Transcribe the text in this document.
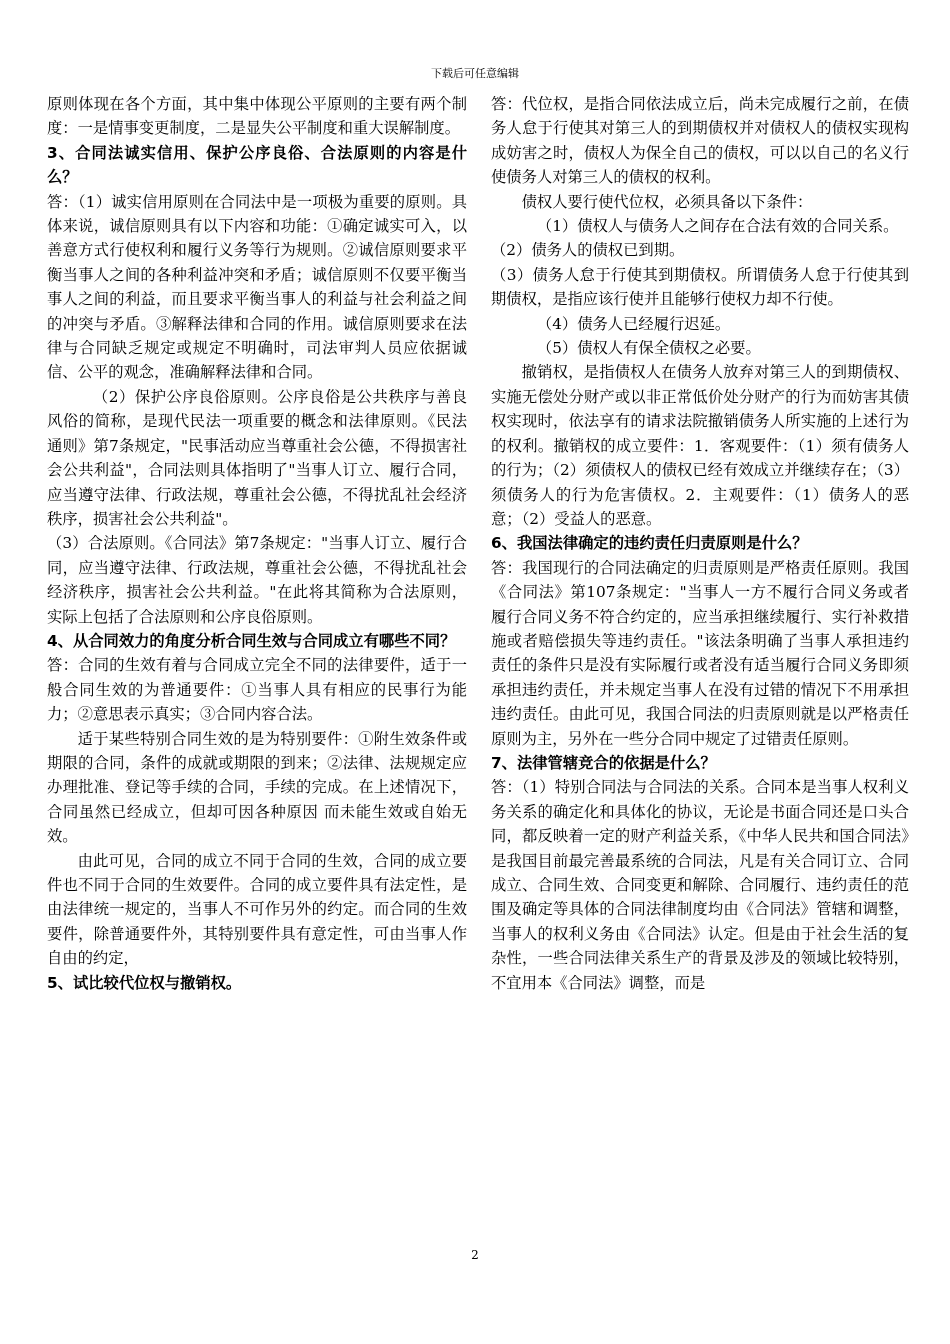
下载后可任意编辑

原则体现在各个方面，其中集中体现公平原则的主要有两个制度：一是情事变更制度，二是显失公平制度和重大误解制度。

3、合同法诚实信用、保护公序良俗、合法原则的内容是什么？

答：（1）诚实信用原则在合同法中是一项极为重要的原则。具体来说，诚信原则具有以下内容和功能：①确定诚实可入，以善意方式行使权利和履行义务等行为规则。②诚信原则要求平衡当事人之间的各种利益冲突和矛盾；诚信原则不仅要平衡当事人之间的利益，而且要求平衡当事人的利益与社会利益之间的冲突与矛盾。③解释法律和合同的作用。诚信原则要求在法律与合同缺乏规定或规定不明确时，司法审判人员应依据诚信、公平的观念，准确解释法律和合同。

（2）保护公序良俗原则。公序良俗是公共秩序与善良风俗的简称，是现代民法一项重要的概念和法律原则。《民法通则》第7条规定，"民事活动应当尊重社会公德，不得损害社会公共利益"，合同法则具体指明了"当事人订立、履行合同，应当遵守法律、行政法规，尊重社会公德，不得扰乱社会经济秩序，损害社会公共利益"。

（3）合法原则。《合同法》第7条规定："当事人订立、履行合同，应当遵守法律、行政法规，尊重社会公德，不得扰乱社会经济秩序，损害社会公共利益。"在此将其简称为合法原则，实际上包括了合法原则和公序良俗原则。

4、从合同效力的角度分析合同生效与合同成立有哪些不同？

答：合同的生效有着与合同成立完全不同的法律要件，适于一般合同生效的为普通要件：①当事人具有相应的民事行为能力；②意思表示真实；③合同内容合法。

适于某些特别合同生效的是为特别要件：①附生效条件或期限的合同，条件的成就或期限的到来；②法律、法规规定应办理批准、登记等手续的合同，手续的完成。在上述情况下，合同虽然已经成立，但却可因各种原因 而未能生效或自始无效。

由此可见，合同的成立不同于合同的生效，合同的成立要件也不同于合同的生效要件。合同的成立要件具有法定性，是由法律统一规定的，当事人不可作另外的约定。而合同的生效要件，除普通要件外，其特别要件具有意定性，可由当事人作自由的约定，

5、试比较代位权与撤销权。

答：代位权，是指合同依法成立后，尚未完成履行之前，在债务人怠于行使其对第三人的到期债权并对债权人的债权实现构成妨害之时，债权人为保全自己的债权，可以以自己的名义行使债务人对第三人的债权的权利。

债权人要行使代位权，必须具备以下条件：

（1）债权人与债务人之间存在合法有效的合同关系。

（2）债务人的债权已到期。

（3）债务人怠于行使其到期债权。所谓债务人怠于行使其到期债权，是指应该行使并且能够行使权力却不行使。

（4）债务人已经履行迟延。

（5）债权人有保全债权之必要。

撤销权，是指债权人在债务人放弃对第三人的到期债权、实施无偿处分财产或以非正常低价处分财产的行为而妨害其债权实现时，依法享有的请求法院撤销债务人所实施的上述行为的权利。撤销权的成立要件：1．客观要件：（1）须有债务人的行为；（2）须债权人的债权已经有效成立并继续存在；（3）须债务人的行为危害债权。2．主观要件：（1）债务人的恶意；（2）受益人的恶意。

6、我国法律确定的违约责任归责原则是什么？

答：我国现行的合同法确定的归责原则是严格责任原则。我国《合同法》第107条规定："当事人一方不履行合同义务或者履行合同义务不符合约定的，应当承担继续履行、实行补救措施或者赔偿损失等违约责任。"该法条明确了当事人承担违约责任的条件只是没有实际履行或者没有适当履行合同义务即须承担违约责任，并未规定当事人在没有过错的情况下不用承担违约责任。由此可见，我国合同法的归责原则就是以严格责任原则为主，另外在一些分合同中规定了过错责任原则。

7、法律管辖竞合的依据是什么？

答：（1）特别合同法与合同法的关系。合同本是当事人权利义务关系的确定化和具体化的协议，无论是书面合同还是口头合同，都反映着一定的财产利益关系，《中华人民共和国合同法》是我国目前最完善最系统的合同法，凡是有关合同订立、合同成立、合同生效、合同变更和解除、合同履行、违约责任的范围及确定等具体的合同法律制度均由《合同法》管辖和调整，当事人的权利义务由《合同法》认定。但是由于社会生活的复杂性，一些合同法律关系生产的背景及涉及的领域比较特别，不宜用本《合同法》调整，而是

2
